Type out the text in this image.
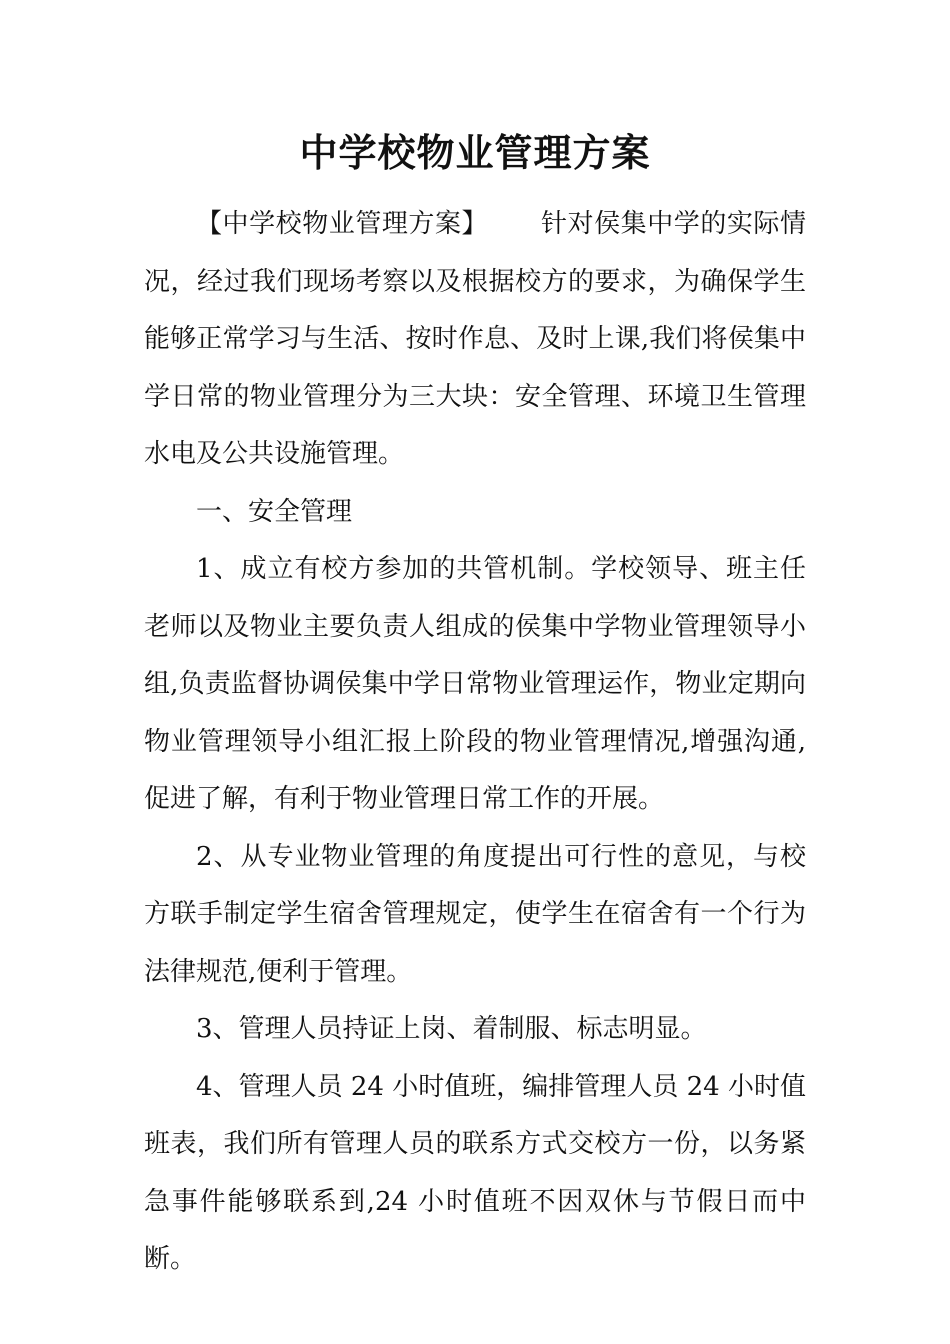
中学校物业管理方案

【中学校物业管理方案】 针对侯集中学的实际情况，经过我们现场考察以及根据校方的要求，为确保学生能够正常学习与生活、按时作息、及时上课,我们将侯集中学日常的物业管理分为三大块：安全管理、环境卫生管理水电及公共设施管理。

一、安全管理

1、成立有校方参加的共管机制。学校领导、班主任老师以及物业主要负责人组成的侯集中学物业管理领导小组,负责监督协调侯集中学日常物业管理运作，物业定期向物业管理领导小组汇报上阶段的物业管理情况,增强沟通,促进了解，有利于物业管理日常工作的开展。

2、从专业物业管理的角度提出可行性的意见，与校方联手制定学生宿舍管理规定，使学生在宿舍有一个行为法律规范,便利于管理。

3、管理人员持证上岗、着制服、标志明显。

4、管理人员 24 小时值班，编排管理人员 24 小时值班表，我们所有管理人员的联系方式交校方一份，以务紧急事件能够联系到,24 小时值班不因双休与节假日而中断。
